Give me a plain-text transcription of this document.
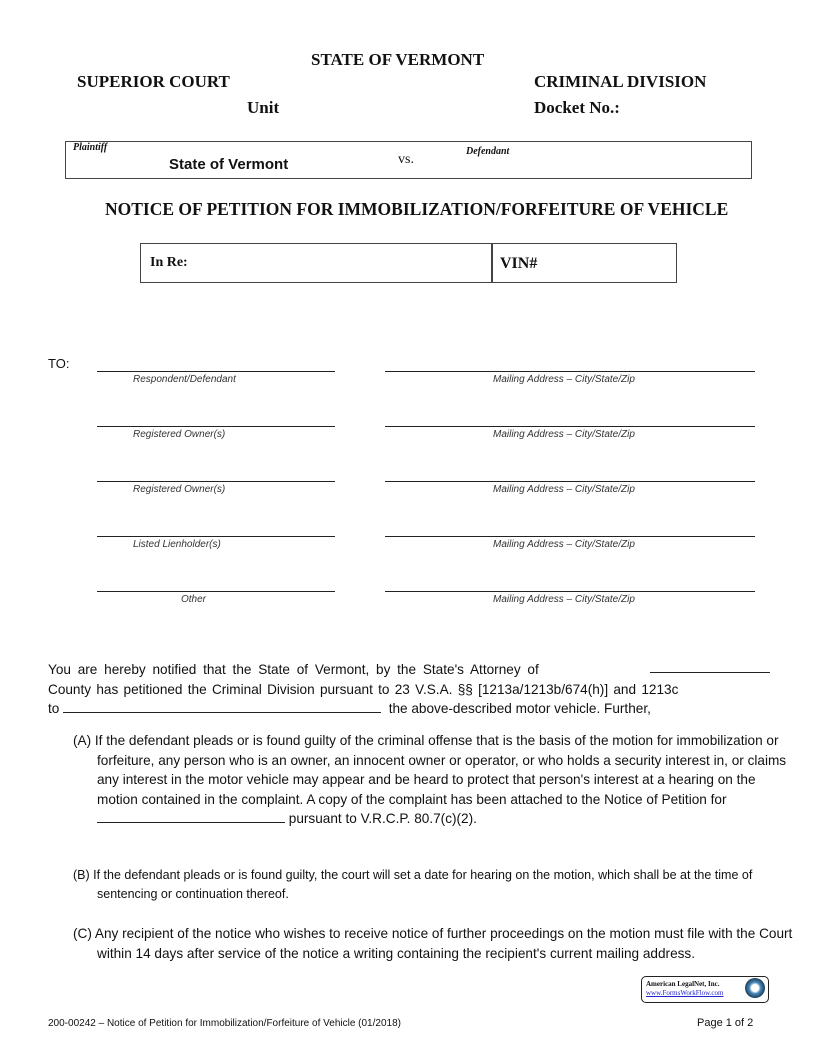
STATE OF VERMONT
SUPERIOR COURT	CRIMINAL DIVISION
Unit	Docket No.:
Plaintiff
State of Vermont	vs.
Defendant
NOTICE OF PETITION FOR IMMOBILIZATION/FORFEITURE OF VEHICLE
In Re:	VIN#
TO:
Respondent/Defendant	Mailing Address – City/State/Zip
Registered Owner(s)	Mailing Address – City/State/Zip
Registered Owner(s)	Mailing Address – City/State/Zip
Listed Lienholder(s)	Mailing Address – City/State/Zip
Other	Mailing Address – City/State/Zip
You are hereby notified that the State of Vermont, by the State's Attorney of
County has petitioned the Criminal Division pursuant to 23 V.S.A. §§ [1213a/1213b/674(h)] and 1213c
to	the above-described motor vehicle. Further,
(A) If the defendant pleads or is found guilty of the criminal offense that is the basis of the motion for immobilization or forfeiture, any person who is an owner, an innocent owner or operator, or who holds a security interest in, or claims any interest in the motor vehicle may appear and be heard to protect that person's interest at a hearing on the motion contained in the complaint. A copy of the complaint has been attached to the Notice of Petition for  pursuant to V.R.C.P. 80.7(c)(2).
(B) If the defendant pleads or is found guilty, the court will set a date for hearing on the motion, which shall be at the time of sentencing or continuation thereof.
(C) Any recipient of the notice who wishes to receive notice of further proceedings on the motion must file with the Court within 14 days after service of the notice a writing containing the recipient's current mailing address.
American LegalNet, Inc.
www.FormsWorkFlow.com
200-00242 – Notice of Petition for Immobilization/Forfeiture of Vehicle (01/2018)	Page 1 of 2
